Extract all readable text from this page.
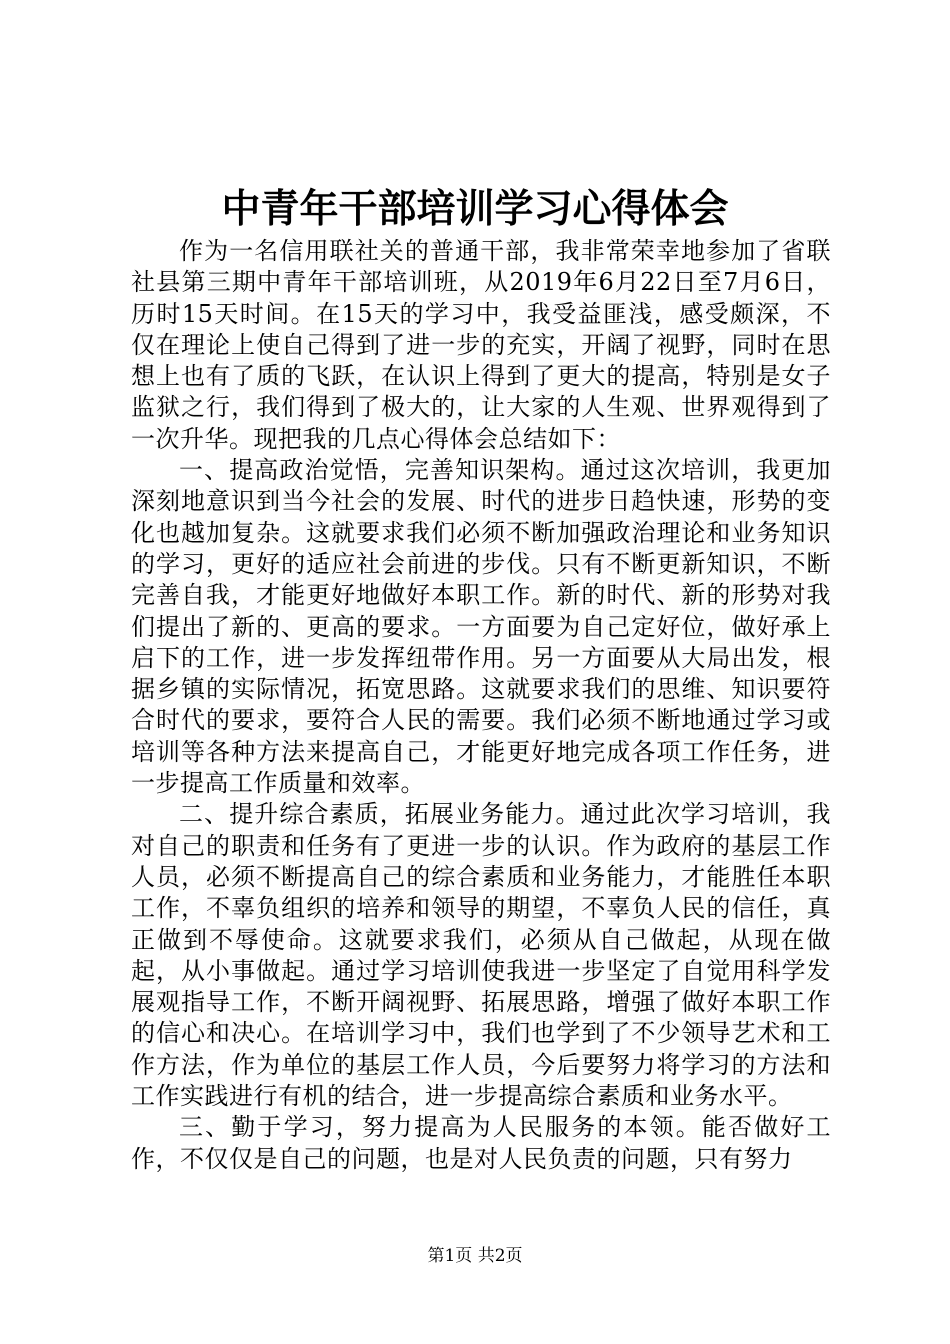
中青年干部培训学习心得体会

作为一名信用联社关的普通干部，我非常荣幸地参加了省联社县第三期中青年干部培训班，从2019年6月22日至7月6日，历时15天时间。在15天的学习中，我受益匪浅，感受颇深，不仅在理论上使自己得到了进一步的充实，开阔了视野，同时在思想上也有了质的飞跃，在认识上得到了更大的提高，特别是女子监狱之行，我们得到了极大的，让大家的人生观、世界观得到了一次升华。现把我的几点心得体会总结如下：

一、提高政治觉悟，完善知识架构。通过这次培训，我更加深刻地意识到当今社会的发展、时代的进步日趋快速，形势的变化也越加复杂。这就要求我们必须不断加强政治理论和业务知识的学习，更好的适应社会前进的步伐。只有不断更新知识，不断完善自我，才能更好地做好本职工作。新的时代、新的形势对我们提出了新的、更高的要求。一方面要为自己定好位，做好承上启下的工作，进一步发挥纽带作用。另一方面要从大局出发，根据乡镇的实际情况，拓宽思路。这就要求我们的思维、知识要符合时代的要求，要符合人民的需要。我们必须不断地通过学习或培训等各种方法来提高自己，才能更好地完成各项工作任务，进一步提高工作质量和效率。

二、提升综合素质，拓展业务能力。通过此次学习培训，我对自己的职责和任务有了更进一步的认识。作为政府的基层工作人员，必须不断提高自己的综合素质和业务能力，才能胜任本职工作，不辜负组织的培养和领导的期望，不辜负人民的信任，真正做到不辱使命。这就要求我们，必须从自己做起，从现在做起，从小事做起。通过学习培训使我进一步坚定了自觉用科学发展观指导工作，不断开阔视野、拓展思路，增强了做好本职工作的信心和决心。在培训学习中，我们也学到了不少领导艺术和工作方法，作为单位的基层工作人员，今后要努力将学习的方法和工作实践进行有机的结合，进一步提高综合素质和业务水平。

三、勤于学习，努力提高为人民服务的本领。能否做好工作，不仅仅是自己的问题，也是对人民负责的问题，只有努力

第1页 共2页
